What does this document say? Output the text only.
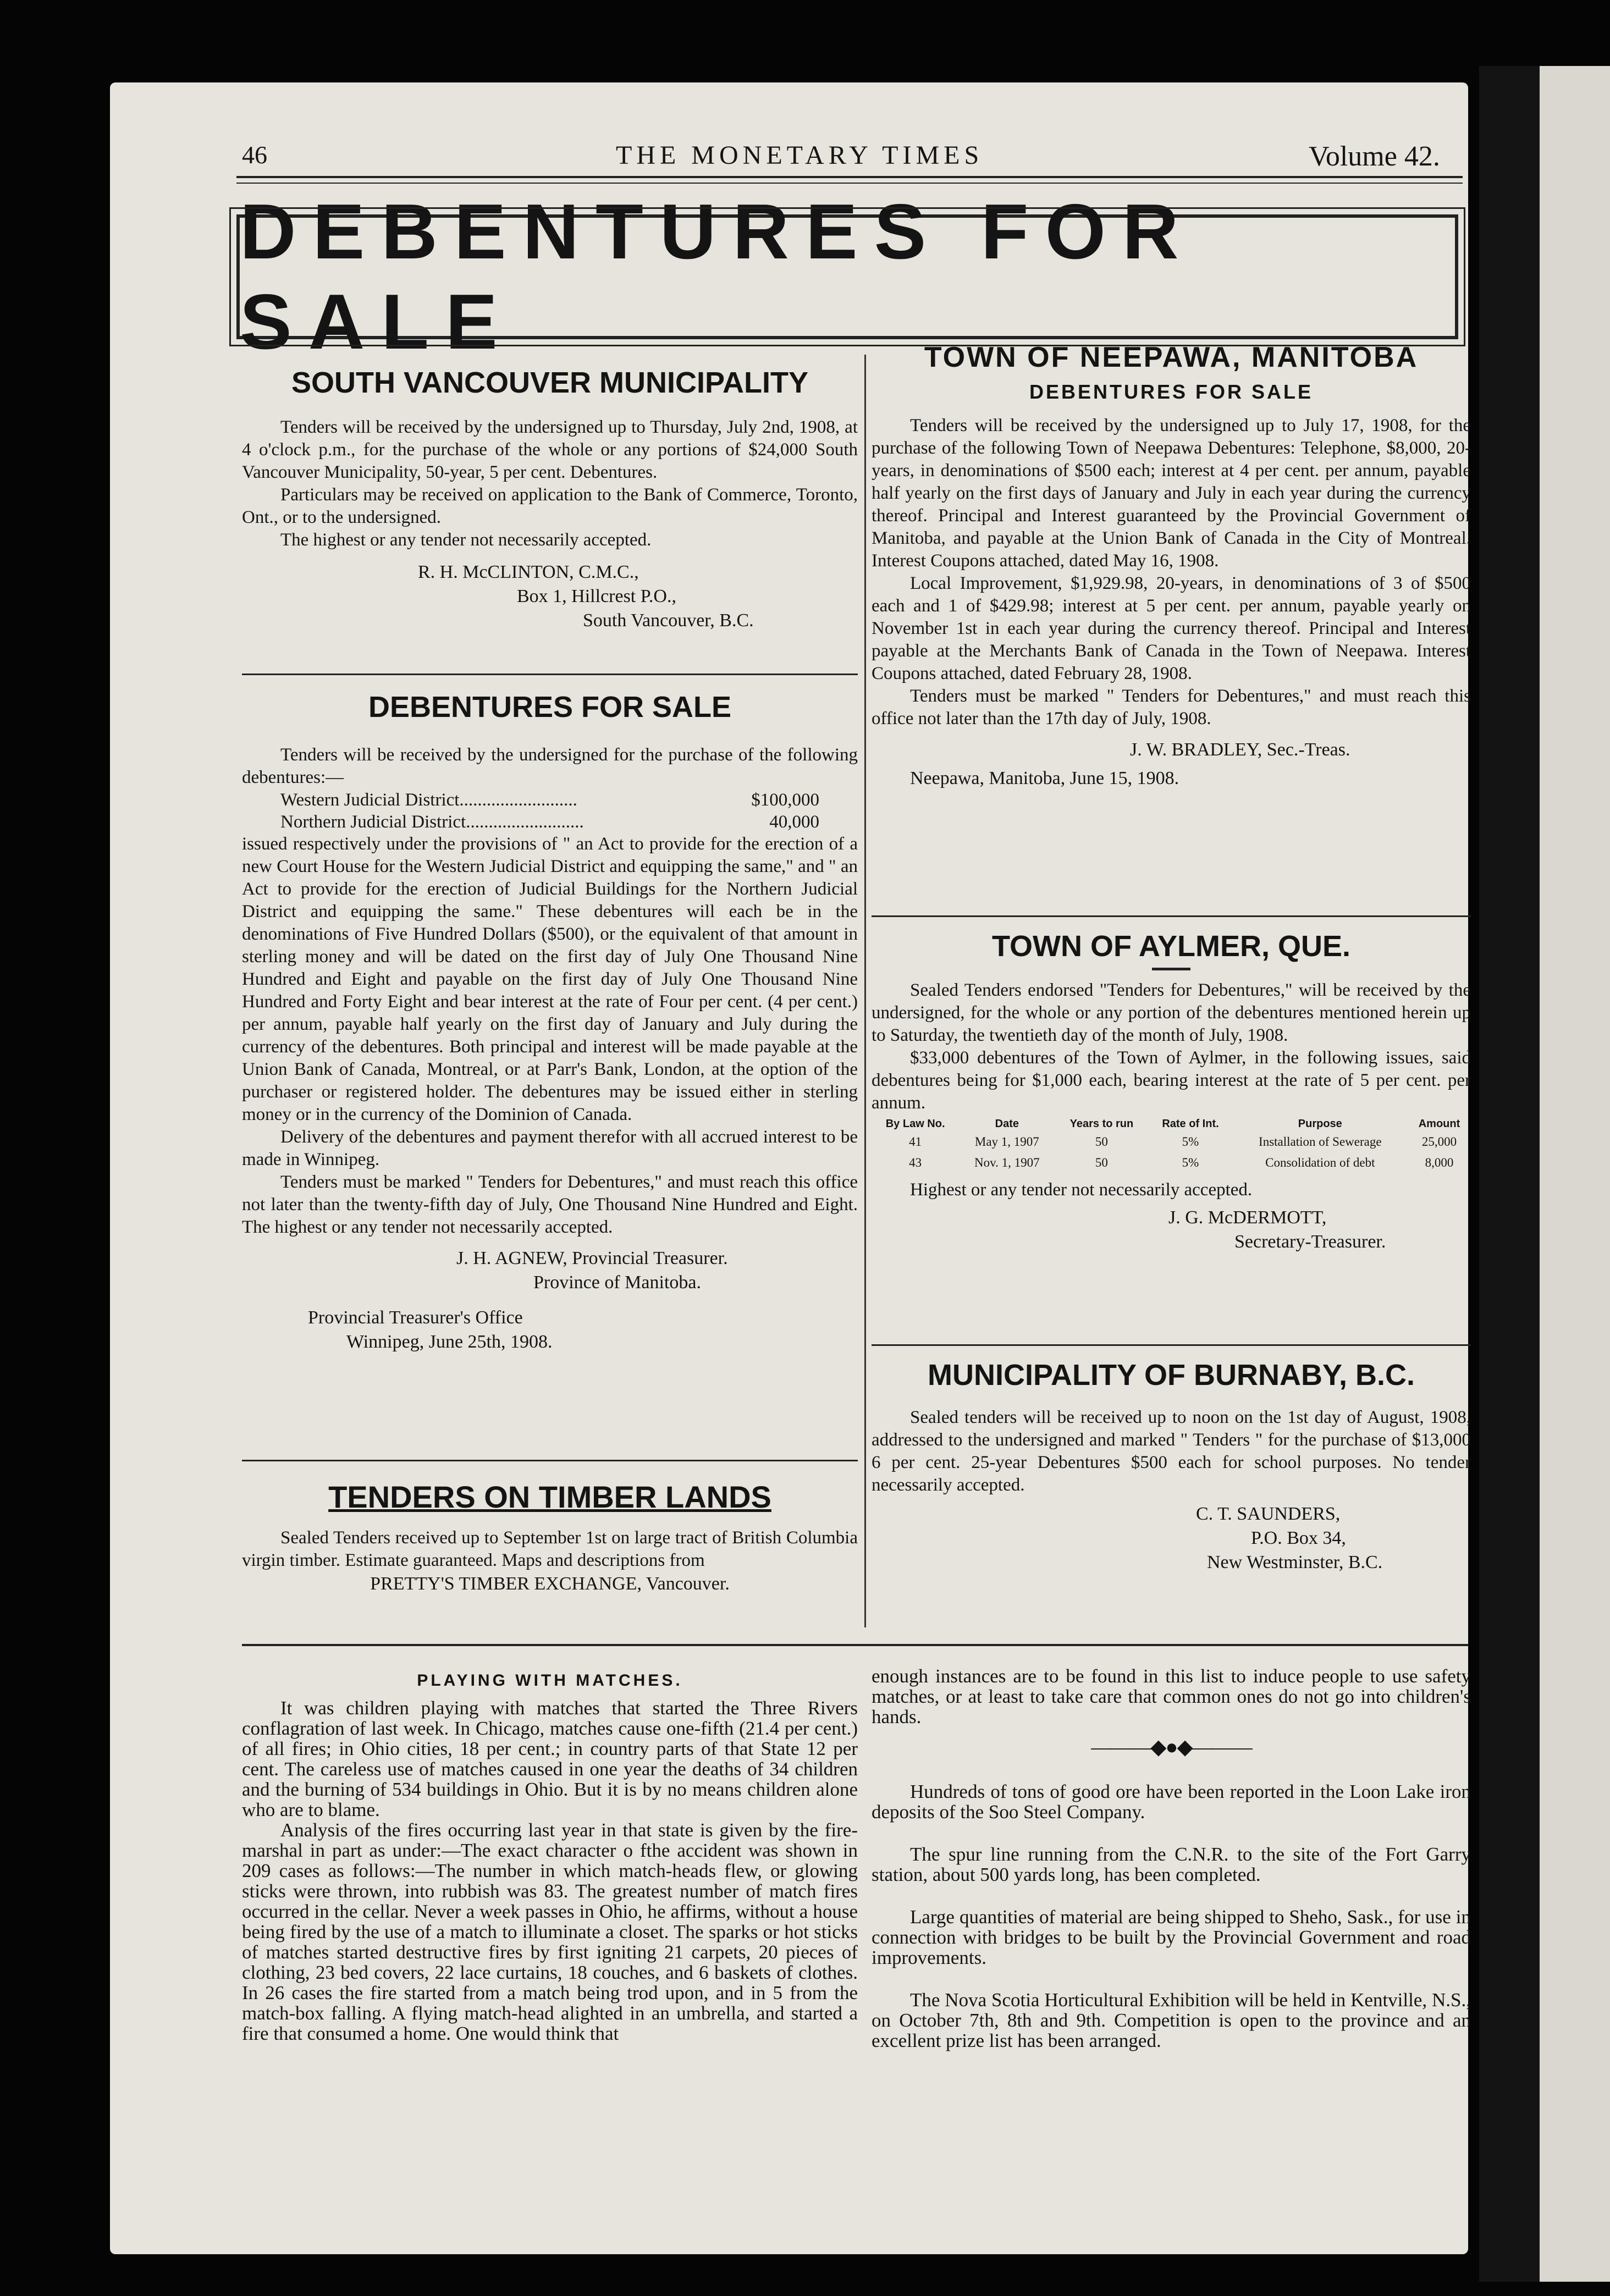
46	THE MONETARY TIMES	Volume 42.
DEBENTURES FOR SALE
SOUTH VANCOUVER MUNICIPALITY

Tenders will be received by the undersigned up to Thursday, July 2nd, 1908, at 4 o'clock p.m., for the purchase of the whole or any portions of $24,000 South Vancouver Municipality, 50-year, 5 per cent. Debentures.

Particulars may be received on application to the Bank of Commerce, Toronto, Ont., or to the undersigned.

The highest or any tender not necessarily accepted.

R. H. McCLINTON, C.M.C.,
Box 1, Hillcrest P.O.,
South Vancouver, B.C.
DEBENTURES FOR SALE

Tenders will be received by the undersigned for the purchase of the following debentures:—

Western Judicial District..........................	$100,000
Northern Judicial District..........................	40,000

issued respectively under the provisions of " an Act to provide for the erection of a new Court House for the Western Judicial District and equipping the same," and " an Act to provide for the erection of Judicial Buildings for the Northern Judicial District and equipping the same." These debentures will each be in the denominations of Five Hundred Dollars ($500), or the equivalent of that amount in sterling money and will be dated on the first day of July One Thousand Nine Hundred and Eight and payable on the first day of July One Thousand Nine Hundred and Forty Eight and bear interest at the rate of Four per cent. (4 per cent.) per annum, payable half yearly on the first day of January and July during the currency of the debentures. Both principal and interest will be made payable at the Union Bank of Canada, Montreal, or at Parr's Bank, London, at the option of the purchaser or registered holder. The debentures may be issued either in sterling money or in the currency of the Dominion of Canada.

Delivery of the debentures and payment therefor with all accrued interest to be made in Winnipeg.

Tenders must be marked " Tenders for Debentures," and must reach this office not later than the twenty-fifth day of July, One Thousand Nine Hundred and Eight. The highest or any tender not necessarily accepted.

J. H. AGNEW, Provincial Treasurer.
Province of Manitoba.
Provincial Treasurer's Office
Winnipeg, June 25th, 1908.
TENDERS ON TIMBER LANDS

Sealed Tenders received up to September 1st on large tract of British Columbia virgin timber. Estimate guaranteed. Maps and descriptions from

PRETTY'S TIMBER EXCHANGE, Vancouver.
TOWN OF NEEPAWA, MANITOBA
DEBENTURES FOR SALE

Tenders will be received by the undersigned up to July 17, 1908, for the purchase of the following Town of Neepawa Debentures: Telephone, $8,000, 20-years, in denominations of $500 each; interest at 4 per cent. per annum, payable half yearly on the first days of January and July in each year during the currency thereof. Principal and Interest guaranteed by the Provincial Government of Manitoba, and payable at the Union Bank of Canada in the City of Montreal. Interest Coupons attached, dated May 16, 1908.

Local Improvement, $1,929.98, 20-years, in denominations of 3 of $500 each and 1 of $429.98; interest at 5 per cent. per annum, payable yearly on November 1st in each year during the currency thereof. Principal and Interest payable at the Merchants Bank of Canada in the Town of Neepawa. Interest Coupons attached, dated February 28, 1908.

Tenders must be marked " Tenders for Debentures," and must reach this office not later than the 17th day of July, 1908.

J. W. BRADLEY, Sec.-Treas.
Neepawa, Manitoba, June 15, 1908.
TOWN OF AYLMER, QUE.

Sealed Tenders endorsed "Tenders for Debentures," will be received by the undersigned, for the whole or any portion of the debentures mentioned herein up to Saturday, the twentieth day of the month of July, 1908.

$33,000 debentures of the Town of Aylmer, in the following issues, said debentures being for $1,000 each, bearing interest at the rate of 5 per cent. per annum.

By Law No.	Date	Years to run	Rate of Int.	Purpose	Amount
41	May 1, 1907	50	5%	Installation of Sewerage	25,000
43	Nov. 1, 1907	50	5%	Consolidation of debt	8,000

Highest or any tender not necessarily accepted.

J. G. McDERMOTT,
Secretary-Treasurer.
MUNICIPALITY OF BURNABY, B.C.

Sealed tenders will be received up to noon on the 1st day of August, 1908, addressed to the undersigned and marked " Tenders " for the purchase of $13,000 6 per cent. 25-year Debentures $500 each for school purposes. No tender necessarily accepted.

C. T. SAUNDERS,
P.O. Box 34,
New Westminster, B.C.
PLAYING WITH MATCHES.

It was children playing with matches that started the Three Rivers conflagration of last week. In Chicago, matches cause one-fifth (21.4 per cent.) of all fires; in Ohio cities, 18 per cent.; in country parts of that State 12 per cent. The careless use of matches caused in one year the deaths of 34 children and the burning of 534 buildings in Ohio. But it is by no means children alone who are to blame.

Analysis of the fires occurring last year in that state is given by the fire-marshal in part as under:—The exact character o fthe accident was shown in 209 cases as follows:—The number in which match-heads flew, or glowing sticks were thrown, into rubbish was 83. The greatest number of match fires occurred in the cellar. Never a week passes in Ohio, he affirms, without a house being fired by the use of a match to illuminate a closet. The sparks or hot sticks of matches started destructive fires by first igniting 21 carpets, 20 pieces of clothing, 23 bed covers, 22 lace curtains, 18 couches, and 6 baskets of clothes. In 26 cases the fire started from a match being trod upon, and in 5 from the match-box falling. A flying match-head alighted in an umbrella, and started a fire that consumed a home. One would think that

enough instances are to be found in this list to induce people to use safety matches, or at least to take care that common ones do not go into children's hands.

———◆●◆———

Hundreds of tons of good ore have been reported in the Loon Lake iron deposits of the Soo Steel Company.

The spur line running from the C.N.R. to the site of the Fort Garry station, about 500 yards long, has been completed.

Large quantities of material are being shipped to Sheho, Sask., for use in connection with bridges to be built by the Provincial Government and road improvements.

The Nova Scotia Horticultural Exhibition will be held in Kentville, N.S., on October 7th, 8th and 9th. Competition is open to the province and an excellent prize list has been arranged.
